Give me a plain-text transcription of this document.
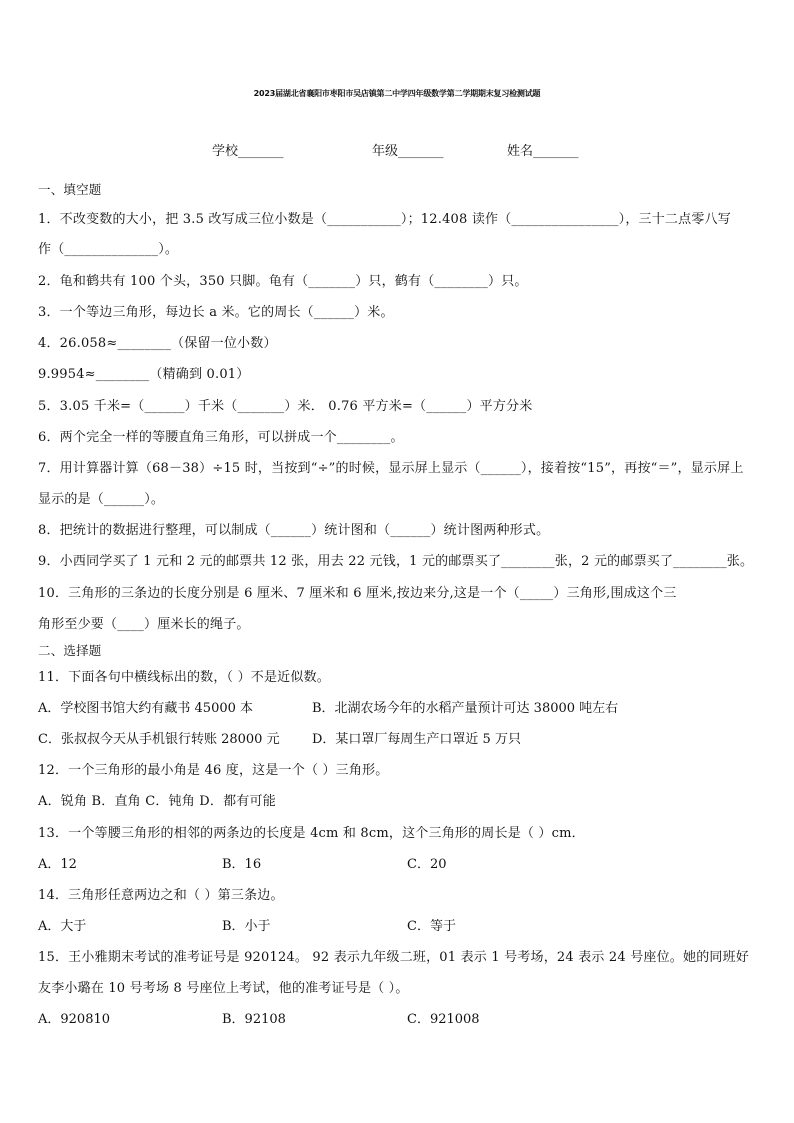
2023届湖北省襄阳市枣阳市吴店镇第二中学四年级数学第二学期期末复习检测试题
学校_______	年级_______	姓名_______
一、填空题
1．不改变数的大小，把 3.5 改写成三位小数是（___________）；12.408 读作（________________），三十二点零八写
作（______________）。
2．龟和鹤共有 100 个头，350 只脚。龟有（_______）只，鹤有（________）只。
3．一个等边三角形，每边长 a 米。它的周长（______）米。
4．26.058≈________（保留一位小数）
9.9954≈________（精确到 0.01）
5．3.05 千米=（______）千米（_______）米． 0.76 平方米=（______）平方分米
6．两个完全一样的等腰直角三角形，可以拼成一个________。
7．用计算器计算（68－38）÷15 时，当按到“÷”的时候，显示屏上显示（______），接着按“15”，再按“＝”，显示屏上
显示的是（______）。
8．把统计的数据进行整理，可以制成（______）统计图和（______）统计图两种形式。
9．小西同学买了 1 元和 2 元的邮票共 12 张，用去 22 元钱，1 元的邮票买了________张，2 元的邮票买了________张。
10．三角形的三条边的长度分别是 6 厘米、7 厘米和 6 厘米,按边来分,这是一个（_____）三角形,围成这个三
角形至少要（____）厘米长的绳子。
二、选择题
11．下面各句中横线标出的数，（ ）不是近似数。
A．学校图书馆大约有藏书 45000 本	B．北湖农场今年的水稻产量预计可达 38000 吨左右
C．张叔叔今天从手机银行转账 28000 元 D．某口罩厂每周生产口罩近 5 万只
12．一个三角形的最小角是 46 度，这是一个（ ）三角形。
A．锐角 B．直角 C．钝角 D．都有可能
13．一个等腰三角形的相邻的两条边的长度是 4cm 和 8cm，这个三角形的周长是（ ）cm．
A．12	B．16	C．20
14．三角形任意两边之和（ ）第三条边。
A．大于	B．小于	C．等于
15．王小雅期末考试的准考证号是 920124。 92 表示九年级二班，01 表示 1 号考场，24 表示 24 号座位。她的同班好
友李小璐在 10 号考场 8 号座位上考试，他的准考证号是（ ）。
A．920810	B．92108	C．921008
